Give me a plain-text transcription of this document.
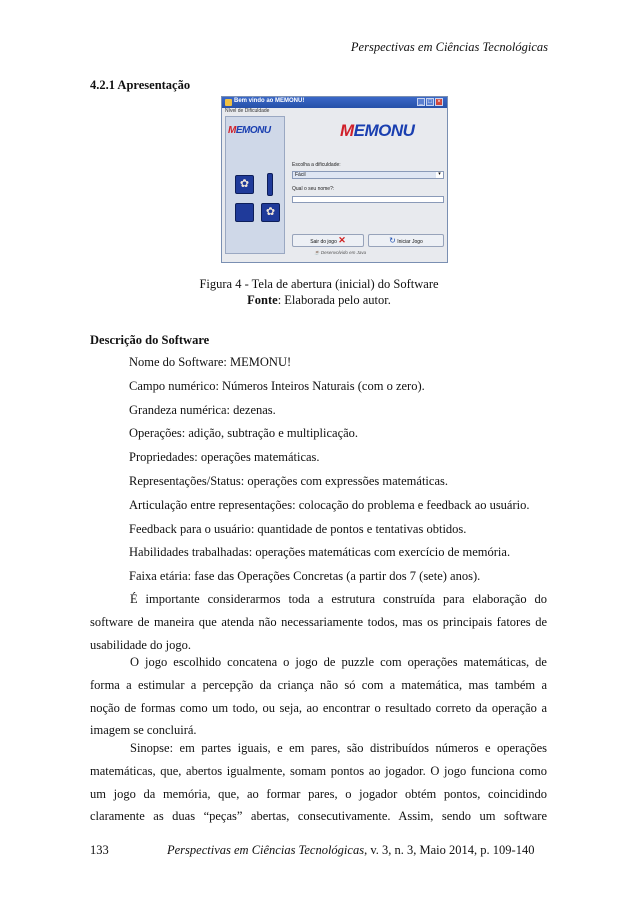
Perspectivas em Ciências Tecnológicas
4.2.1 Apresentação
Bem vindo ao MEMONU!	_ □ ×
Nível de Dificuldade
MEMONU
✿
✿
MEMONU
Escolha a dificuldade:
Fácil	▾
Qual o seu nome?:
Sair do jogo ✕	↻ Iniciar Jogo
☕ Desenvolvido em Java
Figura 4 - Tela de abertura (inicial) do Software
Fonte: Elaborada pelo autor.
Descrição do Software
Nome do Software: MEMONU!
Campo numérico: Números Inteiros Naturais (com o zero).
Grandeza numérica: dezenas.
Operações: adição, subtração e multiplicação.
Propriedades: operações matemáticas.
Representações/Status: operações com expressões matemáticas.
Articulação entre representações: colocação do problema e feedback ao usuário.
Feedback para o usuário: quantidade de pontos e tentativas obtidos.
Habilidades trabalhadas: operações matemáticas com exercício de memória.
Faixa etária: fase das Operações Concretas (a partir dos 7 (sete) anos).
É importante considerarmos toda a estrutura construída para elaboração do
software de maneira que atenda não necessariamente todos, mas os principais fatores de
usabilidade do jogo.
O jogo escolhido concatena o jogo de puzzle com operações matemáticas, de
forma a estimular a percepção da criança não só com a matemática, mas também a
noção de formas como um todo, ou seja, ao encontrar o resultado correto da operação a
imagem se concluirá.
Sinopse: em partes iguais, e em pares, são distribuídos números e operações
matemáticas, que, abertos igualmente, somam pontos ao jogador. O jogo funciona como
um jogo da memória, que, ao formar pares, o jogador obtém pontos, coincidindo
claramente as duas “peças” abertas, consecutivamente. Assim, sendo um software
133	Perspectivas em Ciências Tecnológicas, v. 3, n. 3, Maio 2014, p. 109-140
